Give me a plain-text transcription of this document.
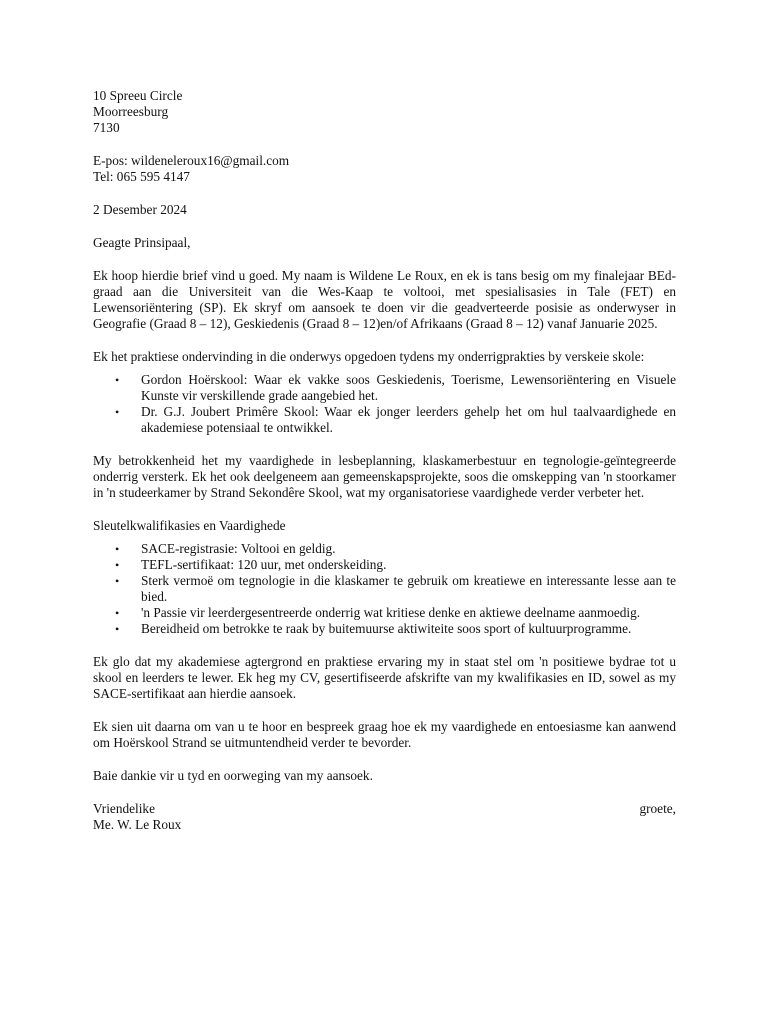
10 Spreeu Circle
Moorreesburg
7130
E-pos: wildeneleroux16@gmail.com
Tel: 065 595 4147
2 Desember 2024
Geagte Prinsipaal,

Ek hoop hierdie brief vind u goed. My naam is Wildene Le Roux, en ek is tans besig om my finalejaar BEd-graad aan die Universiteit van die Wes-Kaap te voltooi, met spesialisasies in Tale (FET) en Lewensoriëntering (SP). Ek skryf om aansoek te doen vir die geadverteerde posisie as onderwyser in Geografie (Graad 8 – 12), Geskiedenis (Graad 8 – 12)en/of Afrikaans (Graad 8 – 12) vanaf Januarie 2025.

Ek het praktiese ondervinding in die onderwys opgedoen tydens my onderrigprakties by verskeie skole:

• Gordon Hoërskool: Waar ek vakke soos Geskiedenis, Toerisme, Lewensoriëntering en Visuele Kunste vir verskillende grade aangebied het.
• Dr. G.J. Joubert Primêre Skool: Waar ek jonger leerders gehelp het om hul taalvaardighede en akademiese potensiaal te ontwikkel.

My betrokkenheid het my vaardighede in lesbeplanning, klaskamerbestuur en tegnologie-geïntegreerde onderrig versterk. Ek het ook deelgeneem aan gemeenskapsprojekte, soos die omskepping van 'n stoorkamer in 'n studeerkamer by Strand Sekondêre Skool, wat my organisatoriese vaardighede verder verbeter het.

Sleutelkwalifikasies en Vaardighede

• SACE-registrasie: Voltooi en geldig.
• TEFL-sertifikaat: 120 uur, met onderskeiding.
• Sterk vermoë om tegnologie in die klaskamer te gebruik om kreatiewe en interessante lesse aan te bied.
• 'n Passie vir leerdergesentreerde onderrig wat kritiese denke en aktiewe deelname aanmoedig.
• Bereidheid om betrokke te raak by buitemuurse aktiwiteite soos sport of kultuurprogramme.

Ek glo dat my akademiese agtergrond en praktiese ervaring my in staat stel om 'n positiewe bydrae tot u skool en leerders te lewer. Ek heg my CV, gesertifiseerde afskrifte van my kwalifikasies en ID, sowel as my SACE-sertifikaat aan hierdie aansoek.

Ek sien uit daarna om van u te hoor en bespreek graag hoe ek my vaardighede en entoesiasme kan aanwend om Hoërskool Strand se uitmuntendheid verder te bevorder.

Baie dankie vir u tyd en oorweging van my aansoek.

Vriendelike	groete,
Me. W. Le Roux
